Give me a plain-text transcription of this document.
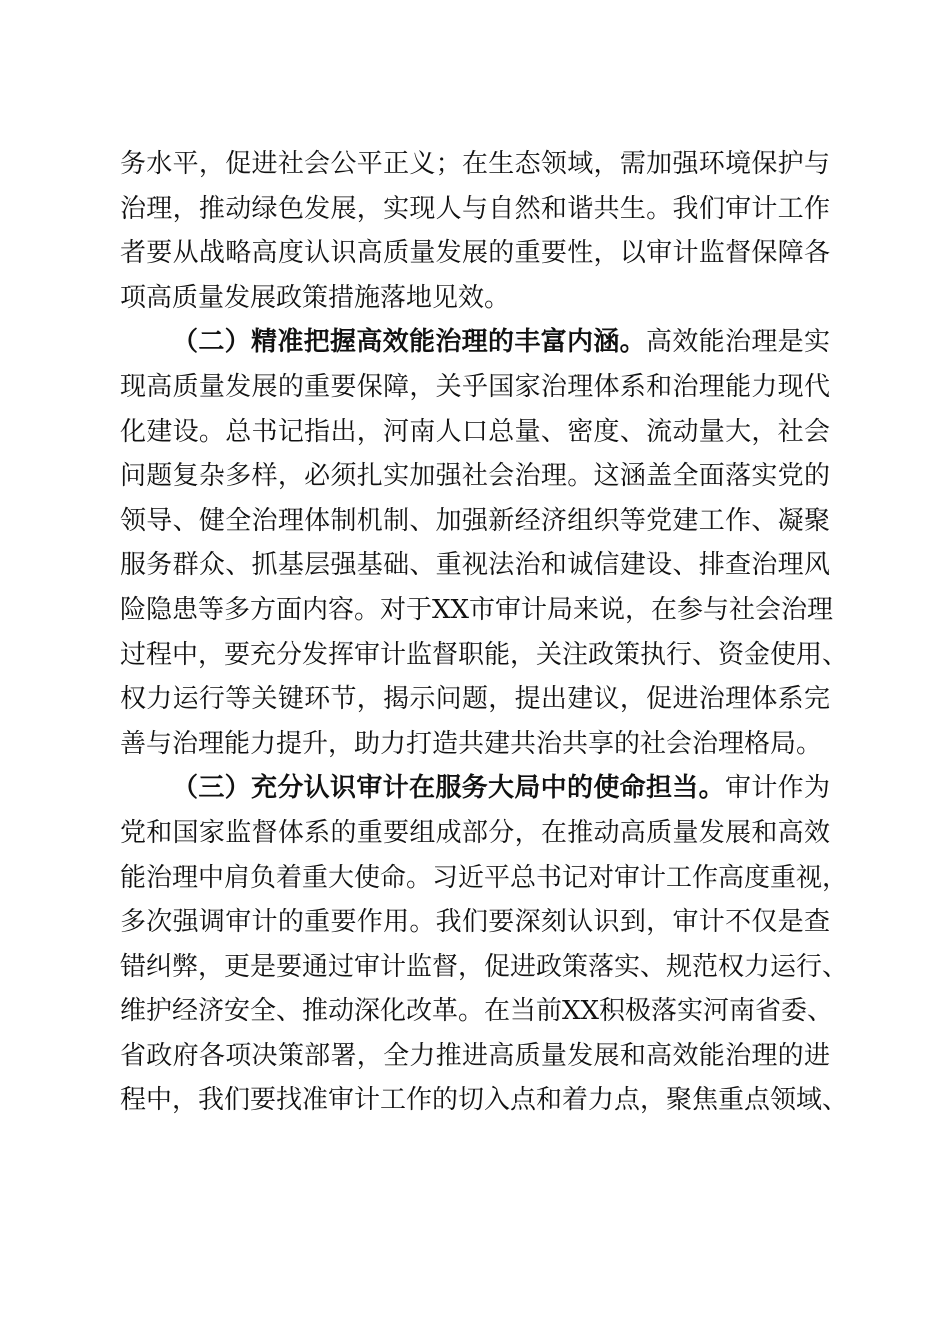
务水平，促进社会公平正义；在生态领域，需加强环境保护与
治理，推动绿色发展，实现人与自然和谐共生。我们审计工作
者要从战略高度认识高质量发展的重要性，以审计监督保障各
项高质量发展政策措施落地见效。
（二）精准把握高效能治理的丰富内涵。高效能治理是实
现高质量发展的重要保障，关乎国家治理体系和治理能力现代
化建设。总书记指出，河南人口总量、密度、流动量大，社会
问题复杂多样，必须扎实加强社会治理。这涵盖全面落实党的
领导、健全治理体制机制、加强新经济组织等党建工作、凝聚
服务群众、抓基层强基础、重视法治和诚信建设、排查治理风
险隐患等多方面内容。对于XX市审计局来说，在参与社会治理
过程中，要充分发挥审计监督职能，关注政策执行、资金使用、
权力运行等关键环节，揭示问题，提出建议，促进治理体系完
善与治理能力提升，助力打造共建共治共享的社会治理格局。
（三）充分认识审计在服务大局中的使命担当。审计作为
党和国家监督体系的重要组成部分，在推动高质量发展和高效
能治理中肩负着重大使命。习近平总书记对审计工作高度重视，
多次强调审计的重要作用。我们要深刻认识到，审计不仅是查
错纠弊，更是要通过审计监督，促进政策落实、规范权力运行、
维护经济安全、推动深化改革。在当前XX积极落实河南省委、
省政府各项决策部署，全力推进高质量发展和高效能治理的进
程中，我们要找准审计工作的切入点和着力点，聚焦重点领域、
